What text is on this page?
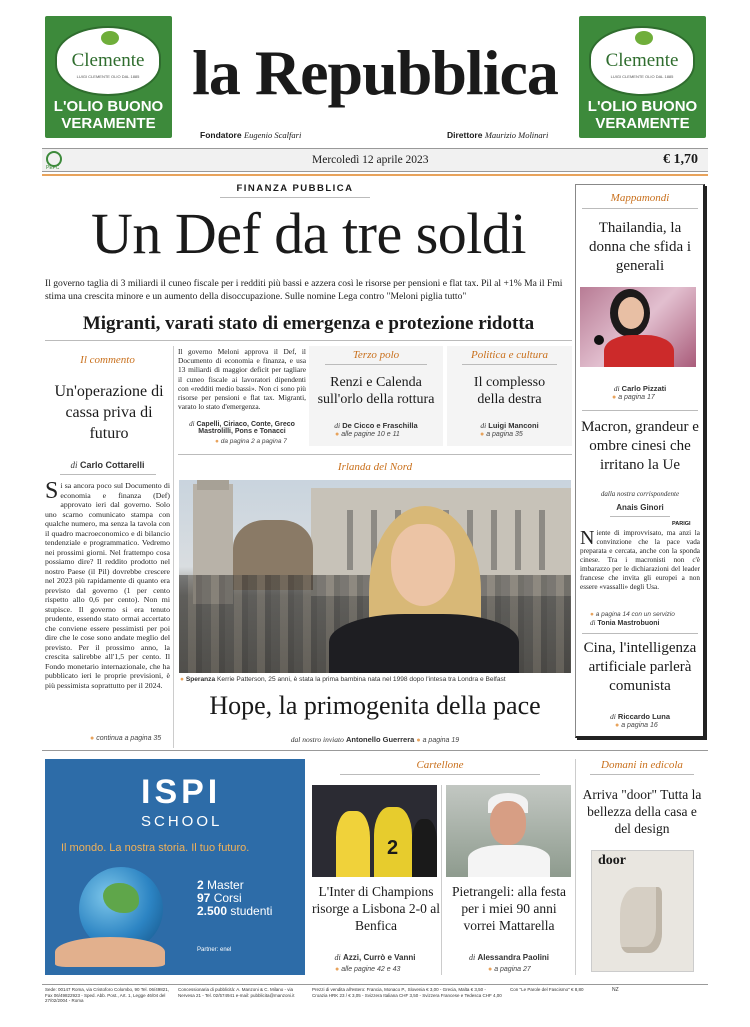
Clemente
LUIGI CLEMENTE OLIO DAL 1885
L'OLIO BUONO
VERAMENTE
la Repubblica
Fondatore Eugenio Scalfari	Direttore Maurizio Molinari
Clemente
LUIGI CLEMENTE OLIO DAL 1885
L'OLIO BUONO
VERAMENTE
PEFC
Mercoledì 12 aprile 2023	€ 1,70
FINANZA PUBBLICA
Un Def da tre soldi
Il governo taglia di 3 miliardi il cuneo fiscale per i redditi più bassi e azzera così le risorse per pensioni e flat tax. Pil al +1% Ma il Fmi stima una crescita minore e un aumento della disoccupazione. Sulle nomine Lega contro "Meloni piglia tutto"
Migranti, varati stato di emergenza e protezione ridotta
Il commento
Un'operazione di cassa priva di futuro
di Carlo Cottarelli
S i sa ancora poco sul Documento di economia e finanza (Def) approvato ieri dal governo. Solo uno scarno comunicato stampa con qualche numero, ma senza la tavola con il quadro macroeconomico e di bilancio tendenziale e programmatico. Vedremo nei prossimi giorni. Nel frattempo cosa possiamo dire? Il reddito prodotto nel nostro Paese (il Pil) dovrebbe crescere nel 2023 più rapidamente di quanto era previsto dal governo (1 per cento rispetto allo 0,6 per cento). Non mi stupisce. Il governo si era tenuto prudente, essendo stato ormai accertato che conviene essere pessimisti per poi dire che le cose sono andate meglio del previsto. Per il prossimo anno, la crescita salirebbe all'1,5 per cento. Il Fondo monetario internazionale, che ha pubblicato ieri le proprie previsioni, è più pessimista soprattutto per il 2024.
● continua a pagina 35
Il governo Meloni approva il Def, il Documento di economia e finanza, e usa 13 miliardi di maggior deficit per tagliare il cuneo fiscale ai lavoratori dipendenti con «redditi medio bassi». Non ci sono più risorse per pensioni e flat tax. Migranti, varato lo stato d'emergenza.
di Capelli, Ciriaco, Conte, Greco Mastrolilli, Pons e Tonacci
● da pagina 2 a pagina 7
Terzo polo
Renzi e Calenda sull'orlo della rottura
di De Cicco e Fraschilla
● alle pagine 10 e 11
Politica e cultura
Il complesso della destra
di Luigi Manconi
● a pagina 35
Irlanda del Nord
● Speranza Kerrie Patterson, 25 anni, è stata la prima bambina nata nel 1998 dopo l'intesa tra Londra e Belfast
Hope, la primogenita della pace
dal nostro inviato Antonello Guerrera ● a pagina 19
Mappamondi
Thailandia, la donna che sfida i generali
di Carlo Pizzati
● a pagina 17
Macron, grandeur e ombre cinesi che irritano la Ue
dalla nostra corrispondente
Anais Ginori
PARIGI
N iente di improvvisato, ma anzi la convinzione che la pace vada preparata e cercata, anche con la sponda cinese. Tra i macronisti non c'è imbarazzo per le dichiarazioni del leader francese che invita gli europei a non essere «vassalli» degli Usa.
● a pagina 14 con un servizio
di Tonia Mastrobuoni
Cina, l'intelligenza artificiale parlerà comunista
di Riccardo Luna
● a pagina 16
ISPI
SCHOOL
Il mondo. La nostra storia. Il tuo futuro.
2 Master
97 Corsi
2.500 studenti
Partner: enel
Cartellone
2
L'Inter di Champions risorge a Lisbona 2-0 al Benfica
di Azzi, Currò e Vanni
● alle pagine 42 e 43
Pietrangeli: alla festa per i miei 90 anni vorrei Mattarella
di Alessandra Paolini
● a pagina 27
Domani in edicola
Arriva "door" Tutta la bellezza della casa e del design
door
Sede: 00147 Roma, via Cristoforo Colombo, 90 Tel. 06/49821, Fax 06/49822923 - Sped. Abb. Post., Art. 1, Legge 46/04 del 27/02/2004 - Roma
Concessionaria di pubblicità: A. Manzoni & C. Milano - via Nervesa 21 - Tel. 02/574941 e-mail: pubblicita@manzoni.it
Prezzi di vendita all'estero: Francia, Monaco P., Slovenia € 3,00 - Grecia, Malta € 3,50 - Croazia HRK 23 / € 3,05 - Svizzera Italiana CHF 3,50 - Svizzera Francese e Tedesca CHF 4,00
Con "Le Parole del Fascismo" € 8,80	NZ
